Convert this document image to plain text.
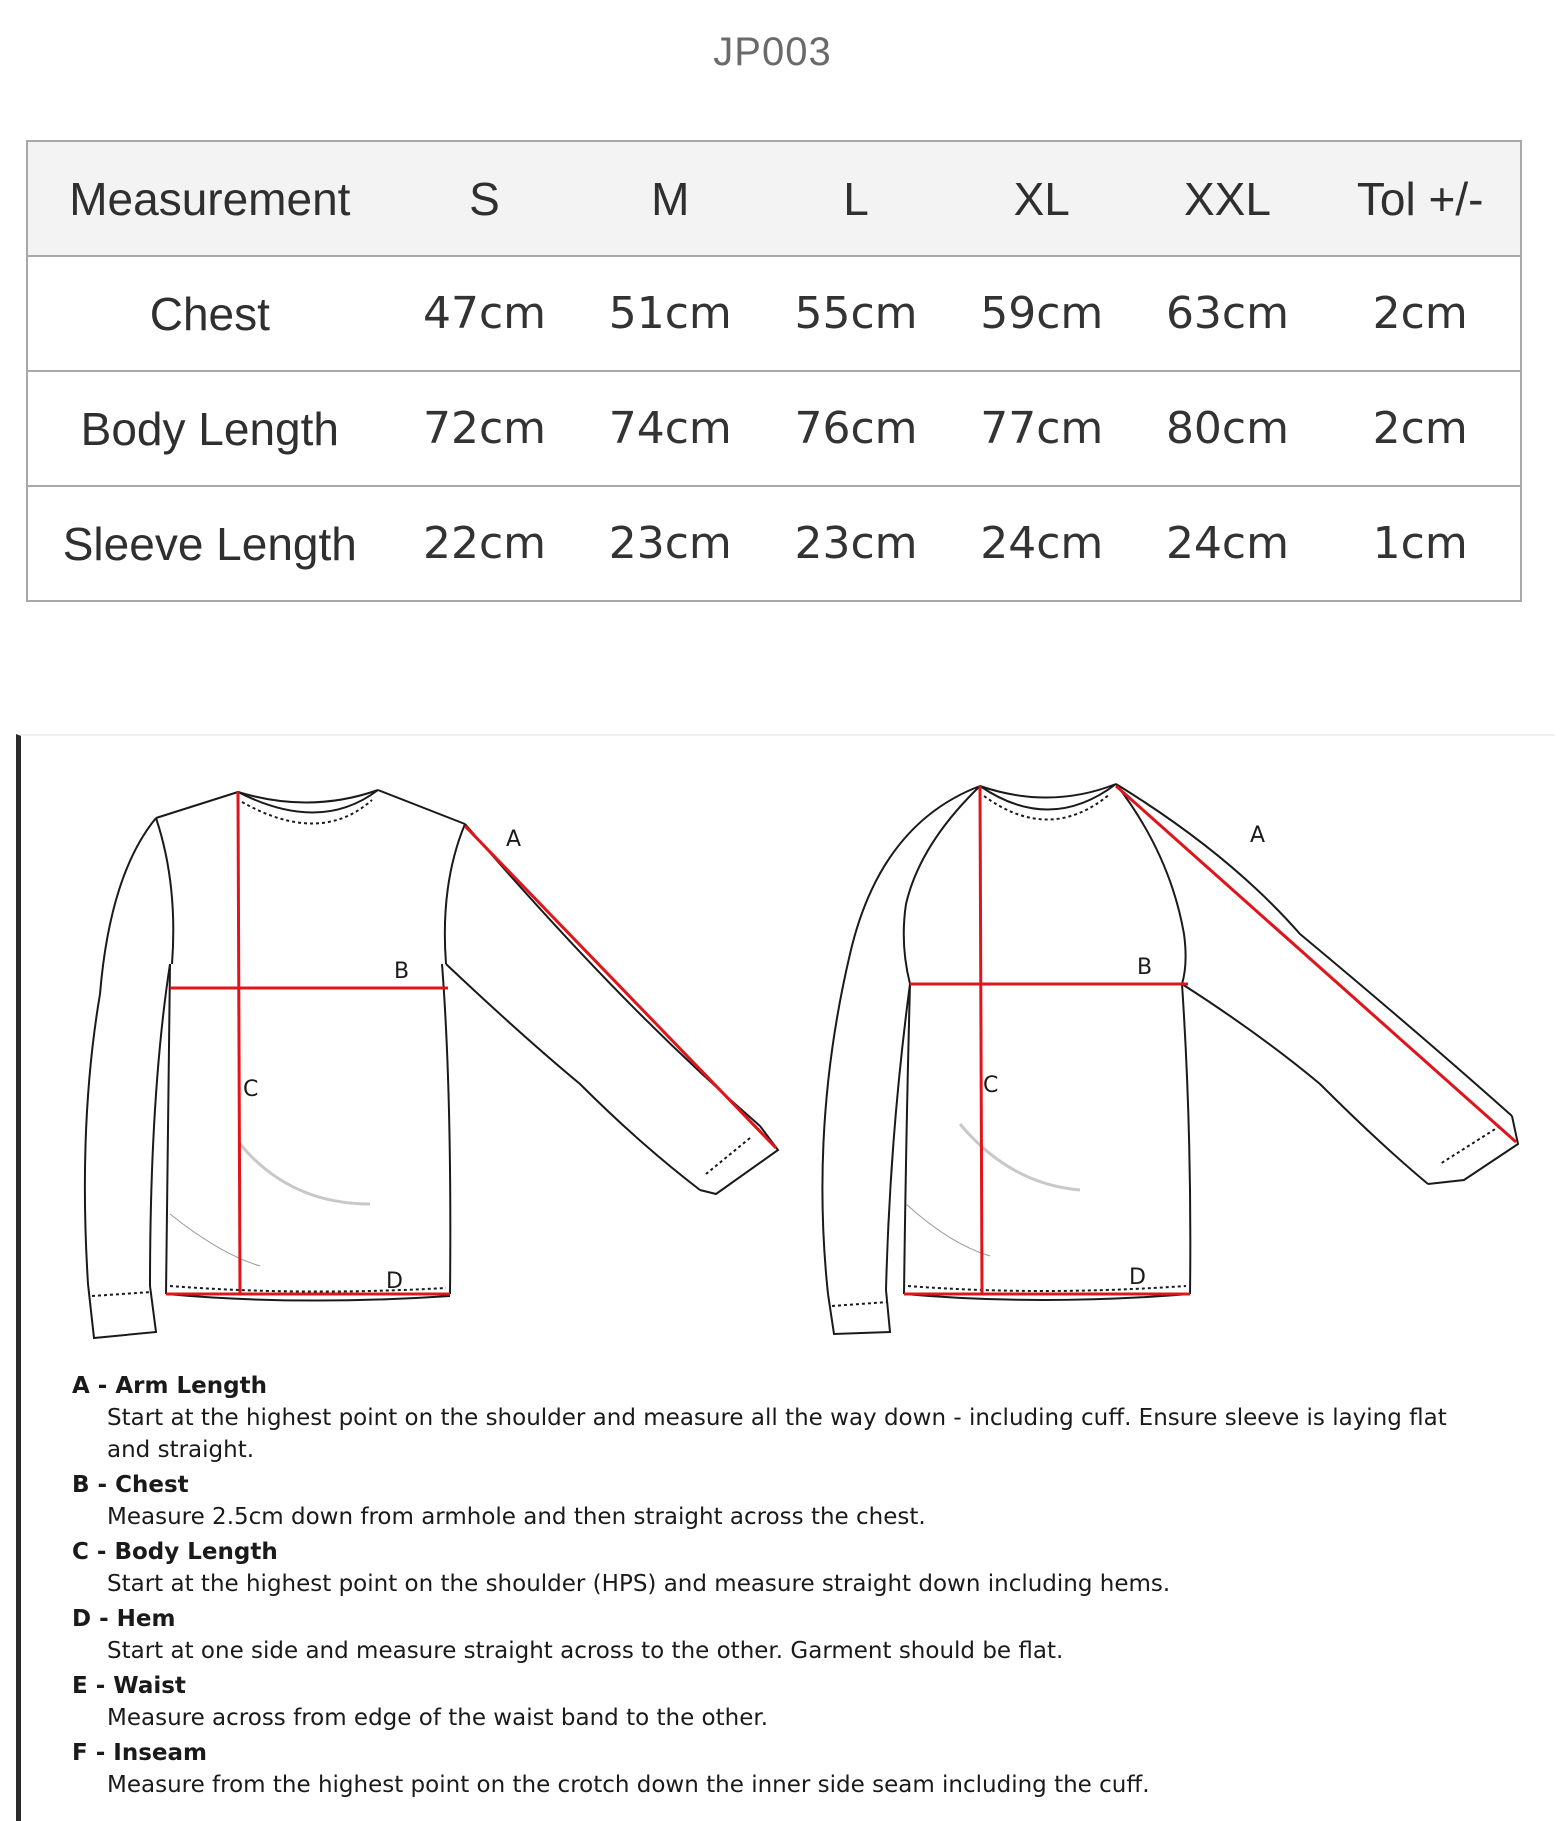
JP003
Measurement	S	M	L	XL	XXL	Tol +/-
Chest	47cm	51cm	55cm	59cm	63cm	2cm
Body Length	72cm	74cm	76cm	77cm	80cm	2cm
Sleeve Length	22cm	23cm	23cm	24cm	24cm	1cm
A
B
C
D
A
B
C
D
A - Arm Length
Start at the highest point on the shoulder and measure all the way down - including cuff. Ensure sleeve is laying flat and straight.
B - Chest
Measure 2.5cm down from armhole and then straight across the chest.
C - Body Length
Start at the highest point on the shoulder (HPS) and measure straight down including hems.
D - Hem
Start at one side and measure straight across to the other. Garment should be flat.
E - Waist
Measure across from edge of the waist band to the other.
F - Inseam
Measure from the highest point on the crotch down the inner side seam including the cuff.
